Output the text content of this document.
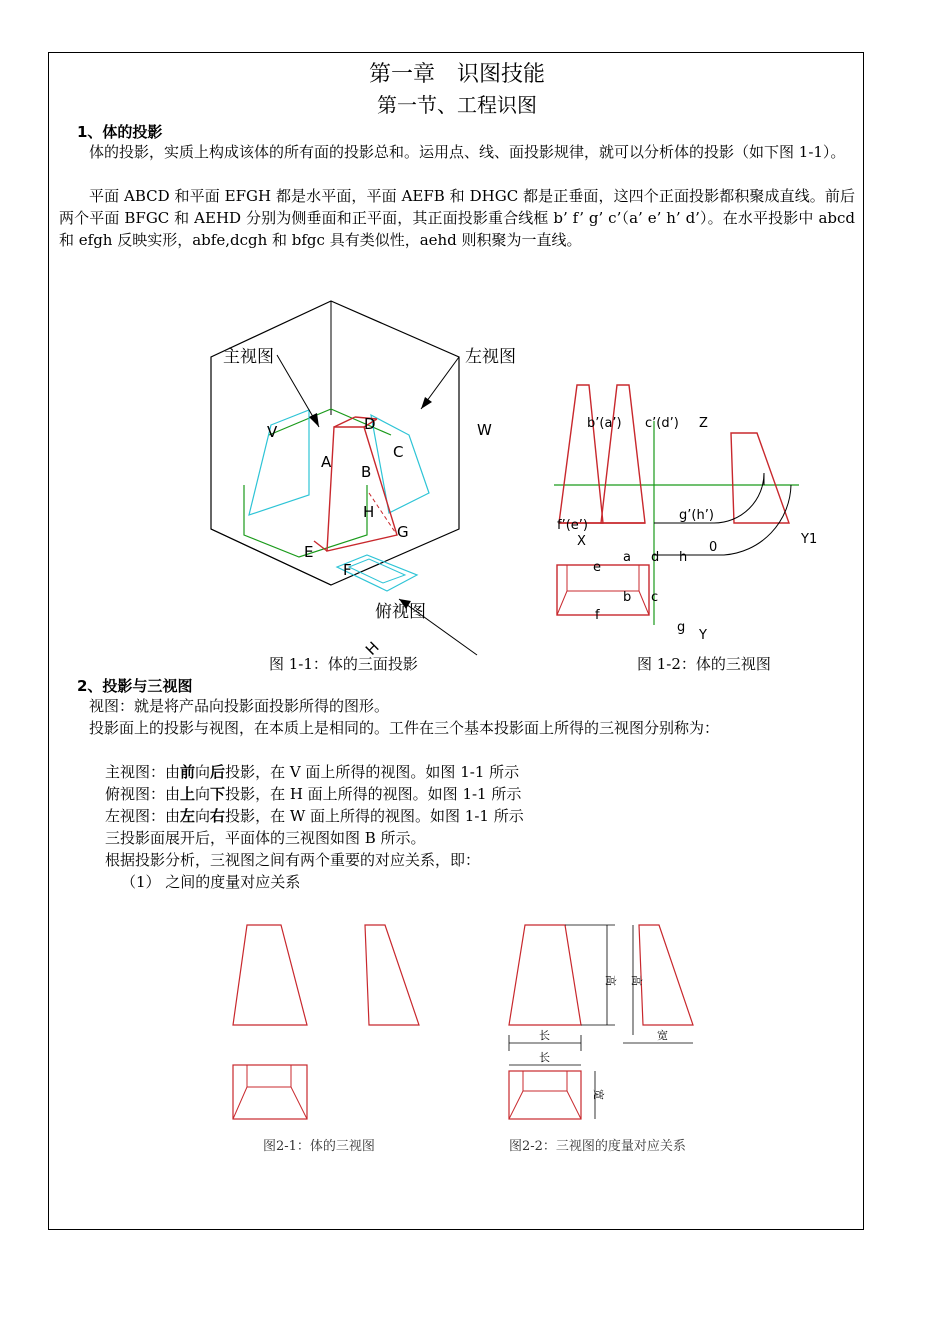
第一章　识图技能
第一节、工程识图
1、体的投影
体的投影，实质上构成该体的所有面的投影总和。运用点、线、面投影规律，就可以分析体的投影（如下图 1-1）。
平面 ABCD 和平面 EFGH 都是水平面，平面 AEFB 和 DHGC 都是正垂面，这四个正面投影都积聚成直线。前后两个平面 BFGC 和 AEHD 分别为侧垂面和正平面，其正面投影重合线框 b’ f’ g’ c’（a’ e’ h’ d’）。在水平投影中 abcd 和 efgh 反映实形，abfe,dcgh 和 bfgc 具有类似性，aehd 则积聚为一直线。
主视图	左视图
V	W
H
A
B
C
D
E
F
G
H
俯视图
b’(a’) c’(d’) Z
f’(e’)
g’(h’)
X	Y1
0
a d h
e
b c
f
g
Y
图 1-1：体的三面投影	图 1-2：体的三视图
2、投影与三视图
视图：就是将产品向投影面投影所得的图形。
投影面上的投影与视图，在本质上是相同的。工件在三个基本投影面上所得的三视图分别称为：
主视图：由前向后投影，在 V 面上所得的视图。如图 1-1 所示
俯视图：由上向下投影，在 H 面上所得的视图。如图 1-1 所示
左视图：由左向右投影，在 W 面上所得的视图。如图 1-1 所示
三投影面展开后，平面体的三视图如图 B 所示。
根据投影分析，三视图之间有两个重要的对应关系，即：
（1） 之间的度量对应关系
高 高
长
长
宽
宽
图2-1：体的三视图	图2-2：三视图的度量对应关系
